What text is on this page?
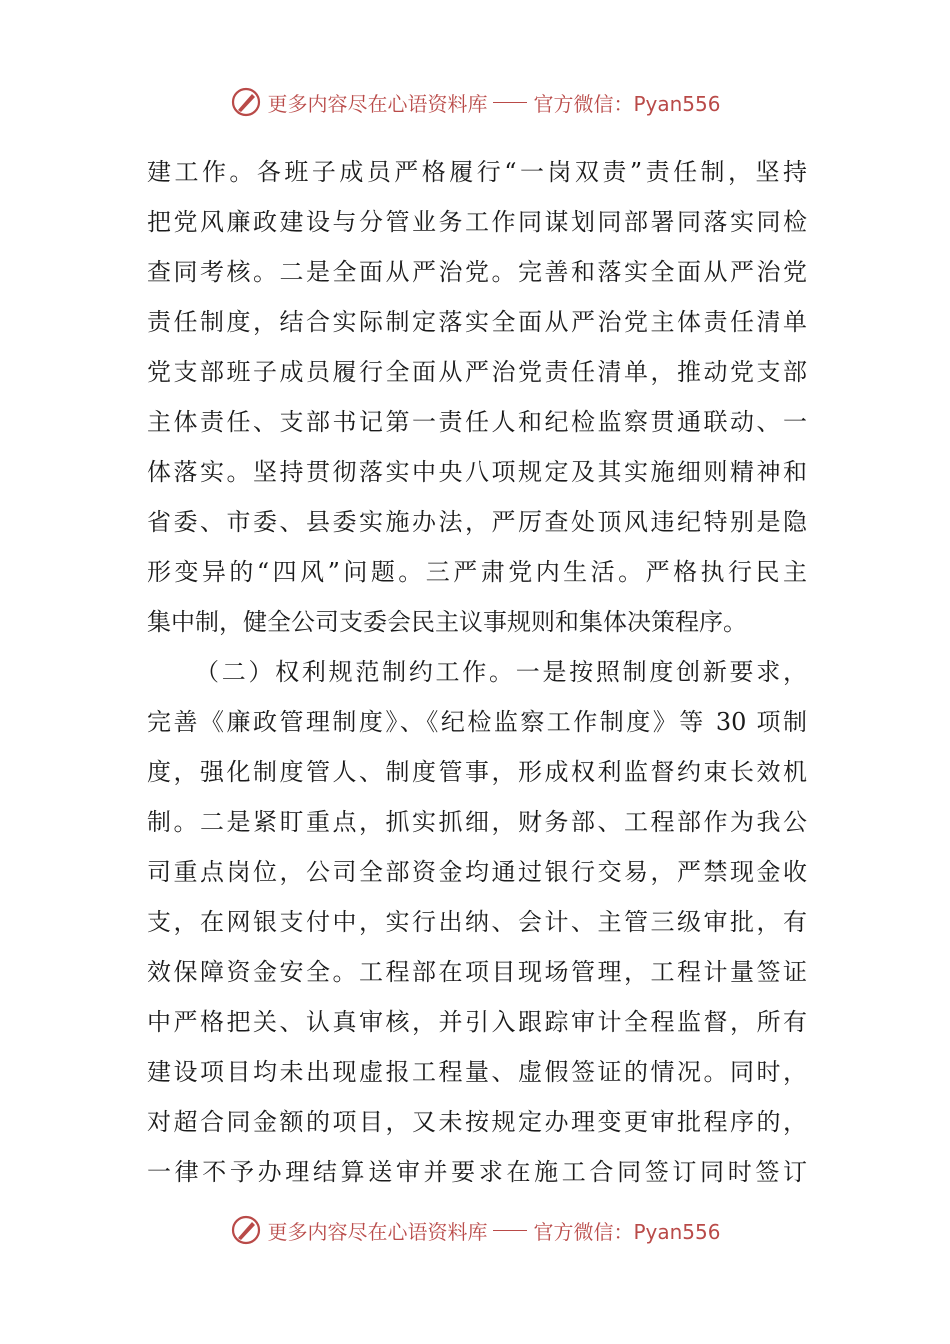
更多内容尽在心语资料库 官方微信：Pyan556
建工作。各班子成员严格履行“一岗双责”责任制，坚持
把党风廉政建设与分管业务工作同谋划同部署同落实同检
查同考核。二是全面从严治党。完善和落实全面从严治党
责任制度，结合实际制定落实全面从严治党主体责任清单
党支部班子成员履行全面从严治党责任清单，推动党支部
主体责任、支部书记第一责任人和纪检监察贯通联动、一
体落实。坚持贯彻落实中央八项规定及其实施细则精神和
省委、市委、县委实施办法，严厉查处顶风违纪特别是隐
形变异的“四风”问题。三严肃党内生活。严格执行民主
集中制，健全公司支委会民主议事规则和集体决策程序。
（二）权利规范制约工作。一是按照制度创新要求，
完善《廉政管理制度》、《纪检监察工作制度》等 30 项制
度，强化制度管人、制度管事，形成权利监督约束长效机
制。二是紧盯重点，抓实抓细，财务部、工程部作为我公
司重点岗位，公司全部资金均通过银行交易，严禁现金收
支，在网银支付中，实行出纳、会计、主管三级审批，有
效保障资金安全。工程部在项目现场管理，工程计量签证
中严格把关、认真审核，并引入跟踪审计全程监督，所有
建设项目均未出现虚报工程量、虚假签证的情况。同时，
对超合同金额的项目，又未按规定办理变更审批程序的，
一律不予办理结算送审并要求在施工合同签订同时签订
更多内容尽在心语资料库 官方微信：Pyan556
